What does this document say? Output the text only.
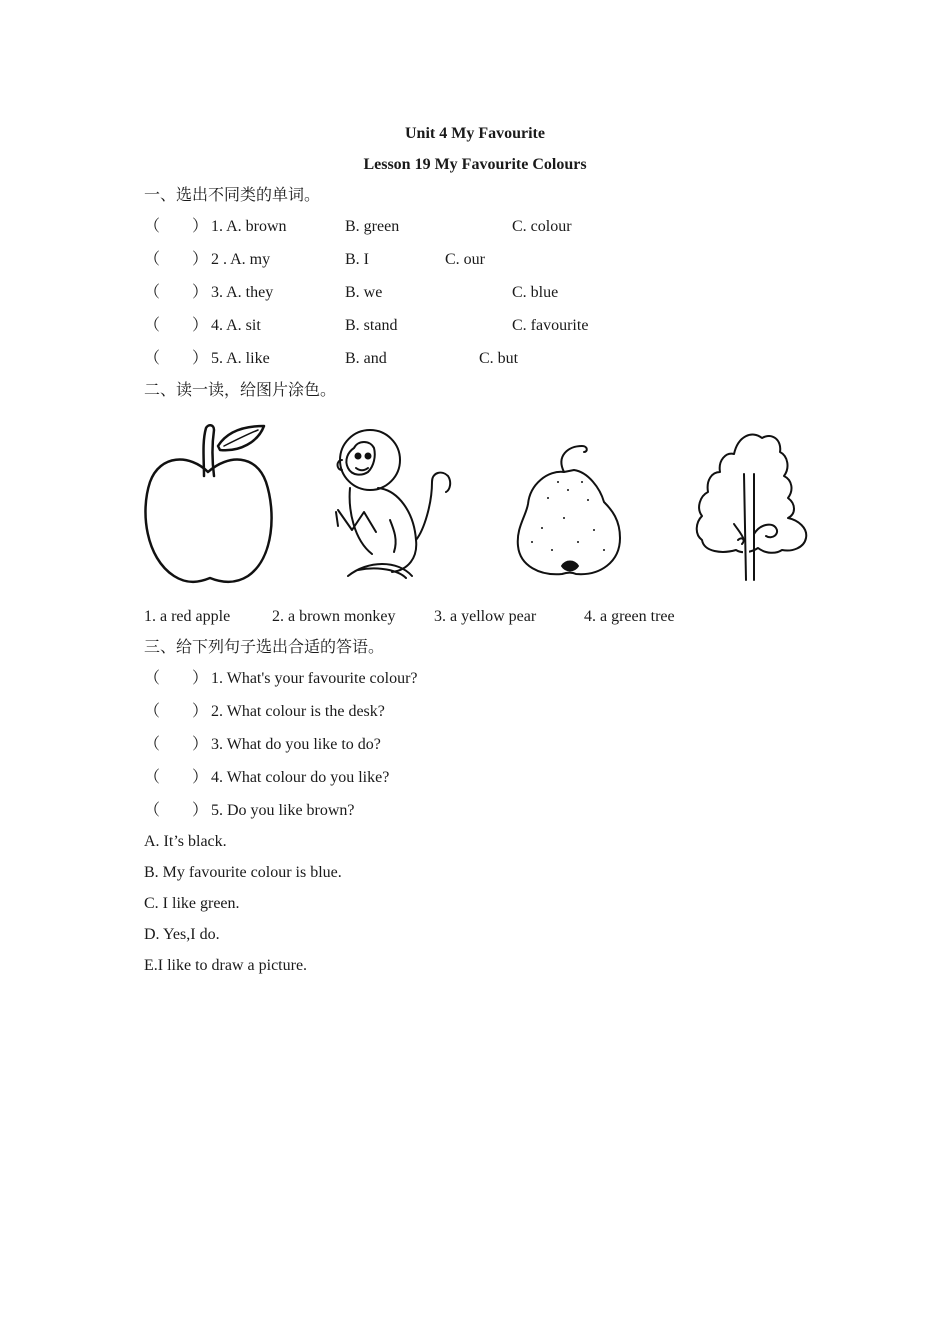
Unit 4 My Favourite
Lesson 19 My Favourite Colours
一、选出不同类的单词。
（　　） 1. A. brown	B. green	C. colour
（　　） 2 . A. my	B. I	C. our
（　　） 3. A. they	B. we	C. blue
（　　） 4. A. sit	B. stand	C. favourite
（　　） 5. A. like	B. and	C. but
二、读一读，给图片涂色。
1. a red apple	2. a brown monkey 3. a yellow pear	4. a green tree
三、给下列句子选出合适的答语。
（　　） 1. What's your favourite colour?
（　　） 2. What colour is the desk?
（　　） 3. What do you like to do?
（　　） 4. What colour do you like?
（　　） 5. Do you like brown?
A. It’s black.
B. My favourite colour is blue.
C. I like green.
D. Yes,I do.
E.I like to draw a picture.
